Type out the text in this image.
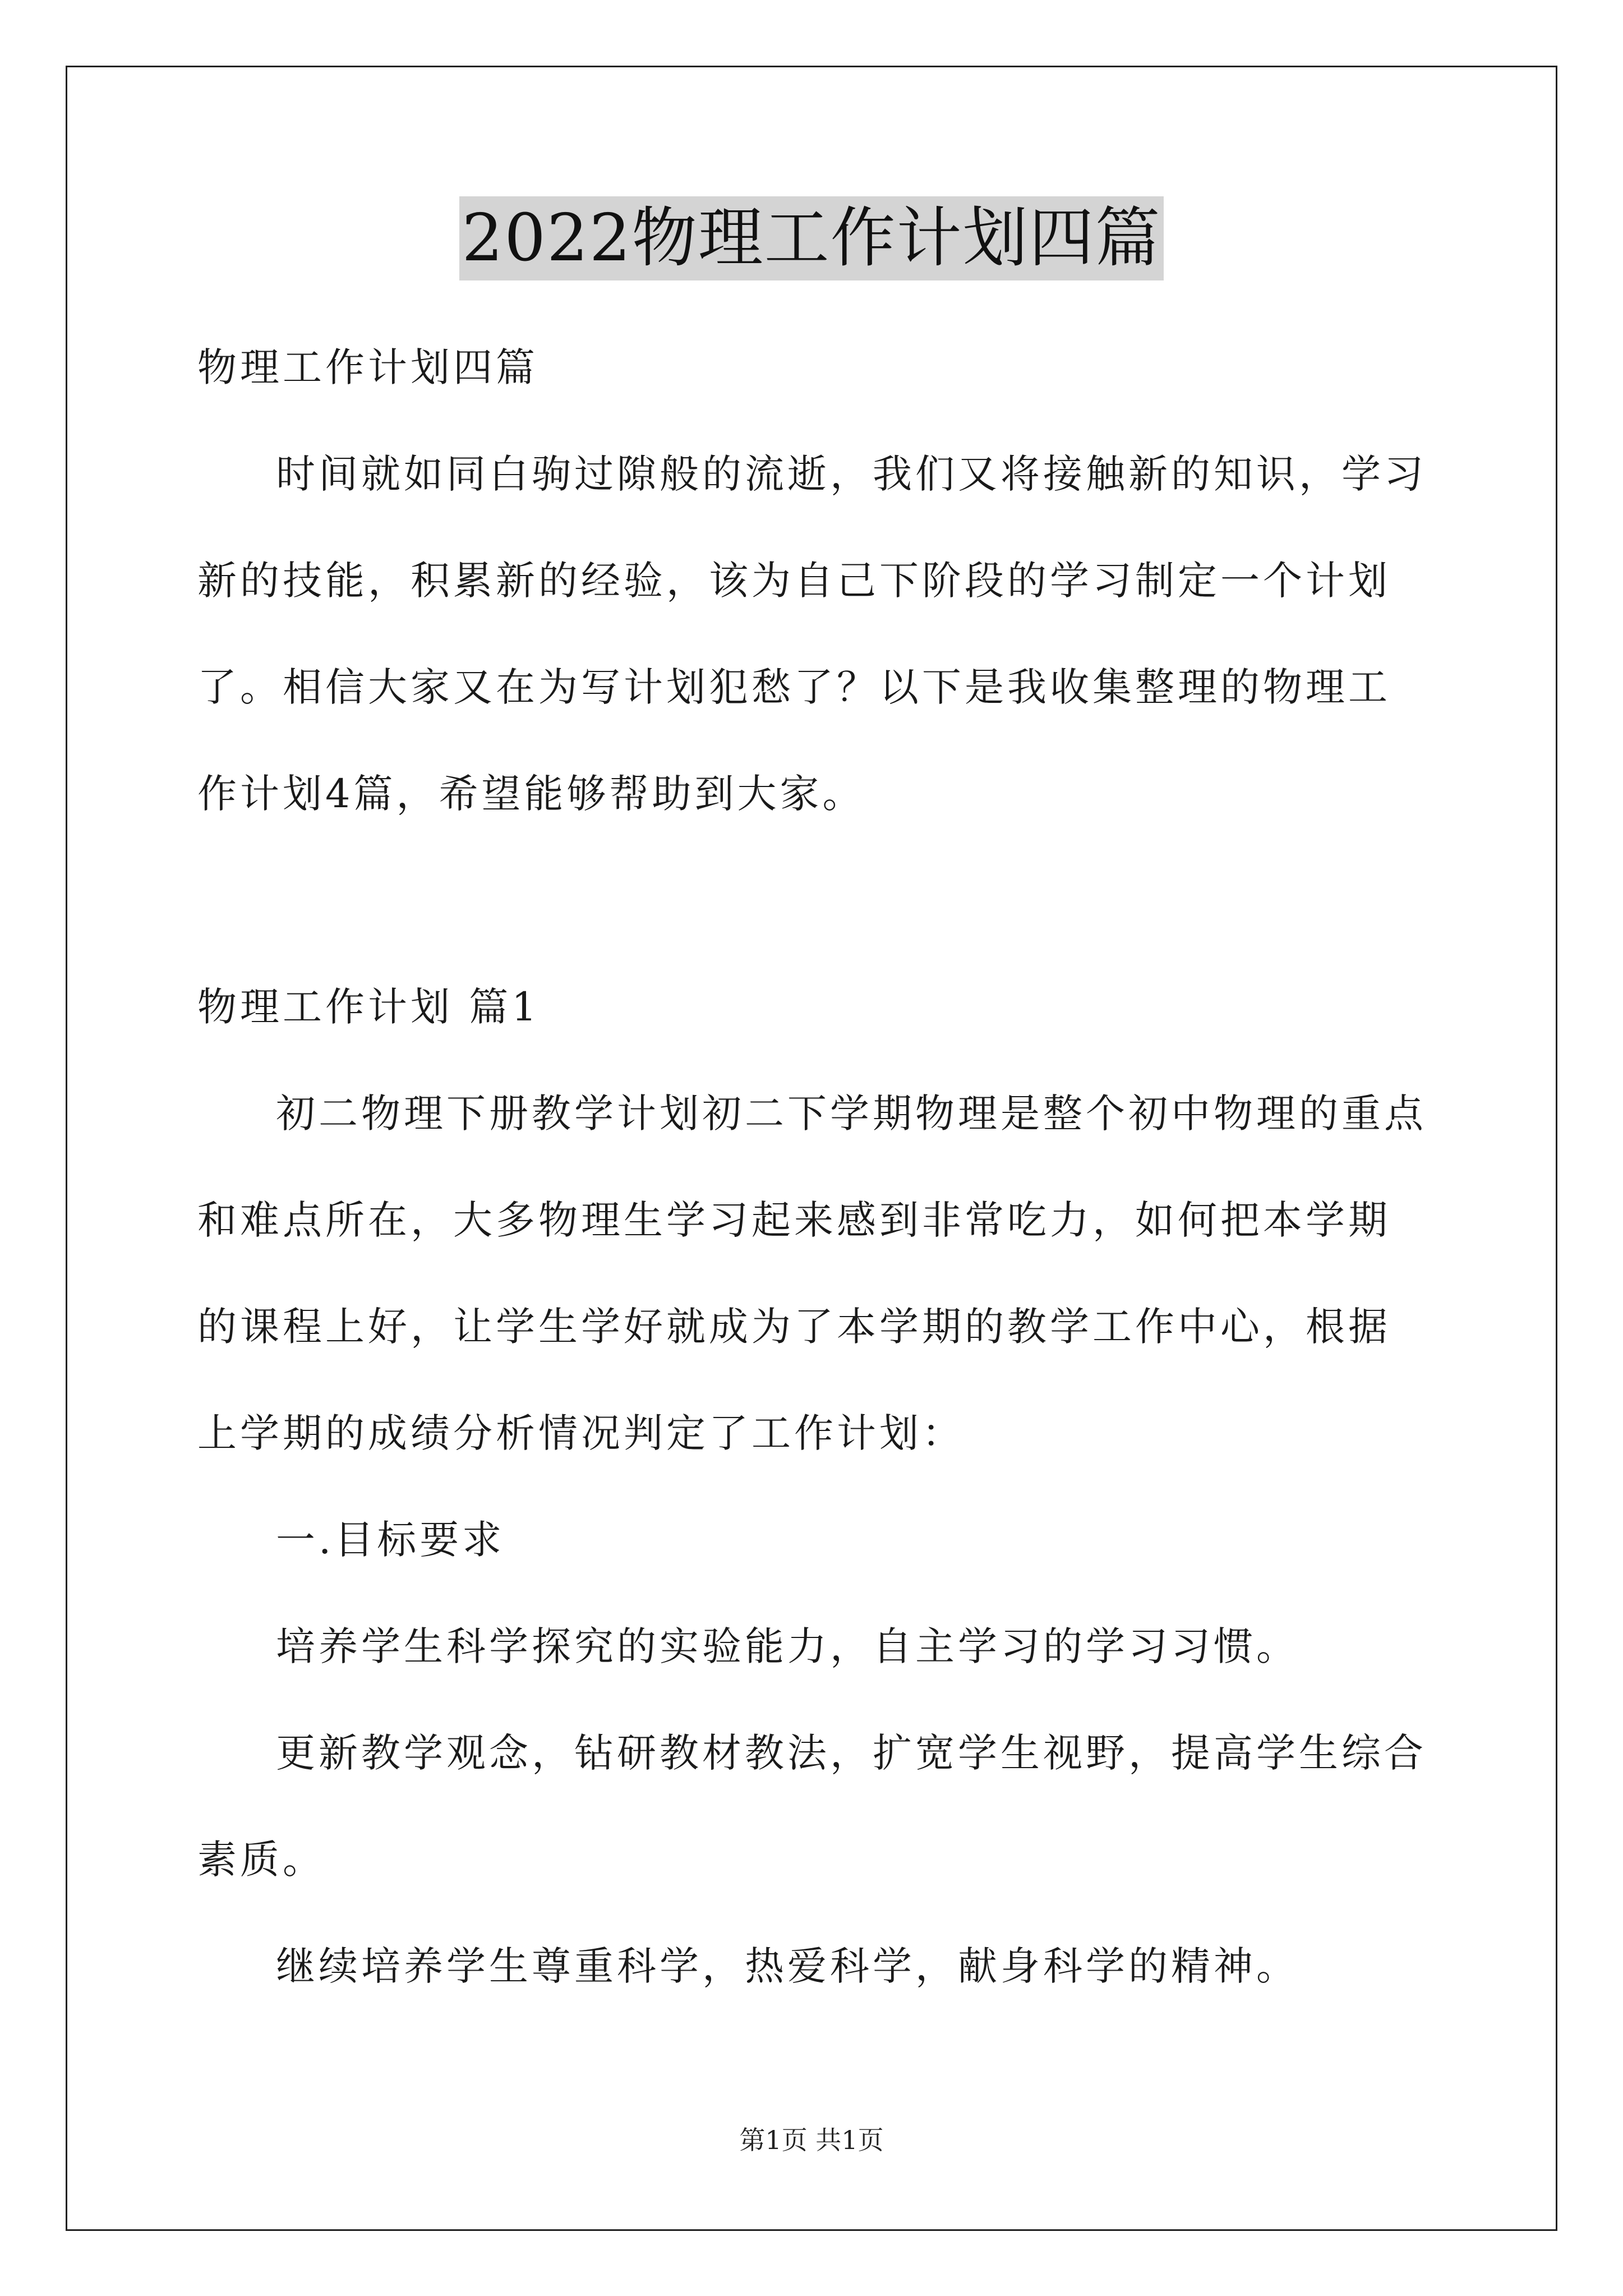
2022物理工作计划四篇

物理工作计划四篇

时间就如同白驹过隙般的流逝，我们又将接触新的知识，学习新的技能，积累新的经验，该为自己下阶段的学习制定一个计划了。相信大家又在为写计划犯愁了？以下是我收集整理的物理工作计划4篇，希望能够帮助到大家。

物理工作计划 篇1

初二物理下册教学计划初二下学期物理是整个初中物理的重点和难点所在，大多物理生学习起来感到非常吃力，如何把本学期的课程上好，让学生学好就成为了本学期的教学工作中心，根据上学期的成绩分析情况判定了工作计划：

一.目标要求

培养学生科学探究的实验能力，自主学习的学习习惯。

更新教学观念，钻研教材教法，扩宽学生视野，提高学生综合素质。

继续培养学生尊重科学，热爱科学，献身科学的精神。

第1页 共1页
